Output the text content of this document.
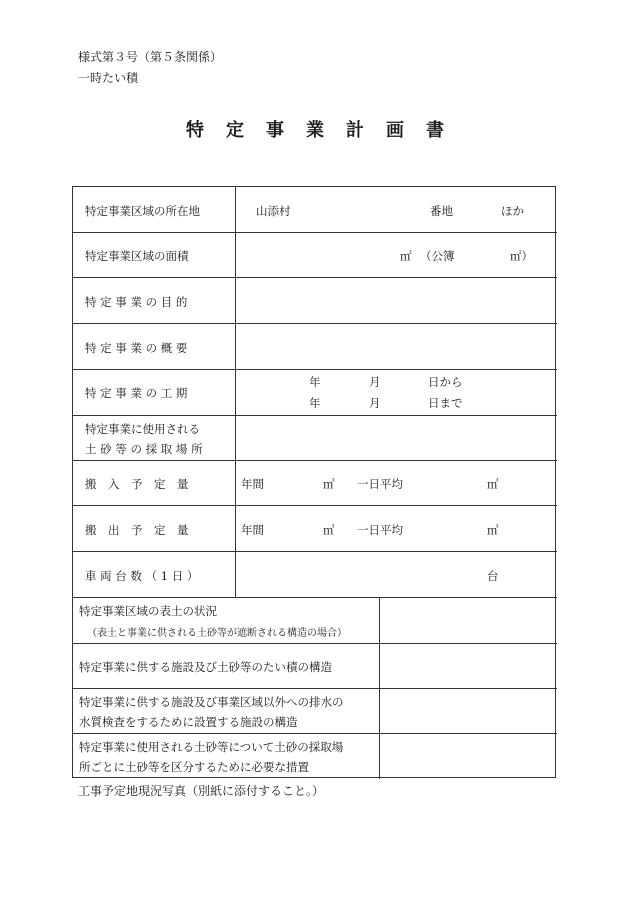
様式第３号（第５条関係）
一時たい積
特　定　事　業　計　画　書
特定事業区域の所在地	山添村	番地	ほか
特定事業区域の面積	㎡ （公簿	㎡）
特 定 事 業 の 目 的
特 定 事 業 の 概 要
特 定 事 業 の 工 期
年	月	日から
年	月	日まで
特定事業に使用される
土 砂 等 の 採 取 場 所
搬　入　予　定　量	年間	㎥ 一日平均	㎥
搬　出　予　定　量	年間	㎥ 一日平均	㎥
車 両 台 数 （ 1 日 ）	台
特定事業区域の表土の状況
（表土と事業に供される土砂等が遮断される構造の場合）
特定事業に供する施設及び土砂等のたい積の構造
特定事業に供する施設及び事業区域以外への排水の
水質検査をするために設置する施設の構造
特定事業に使用される土砂等について土砂の採取場
所ごとに土砂等を区分するために必要な措置
工事予定地現況写真（別紙に添付すること。）
